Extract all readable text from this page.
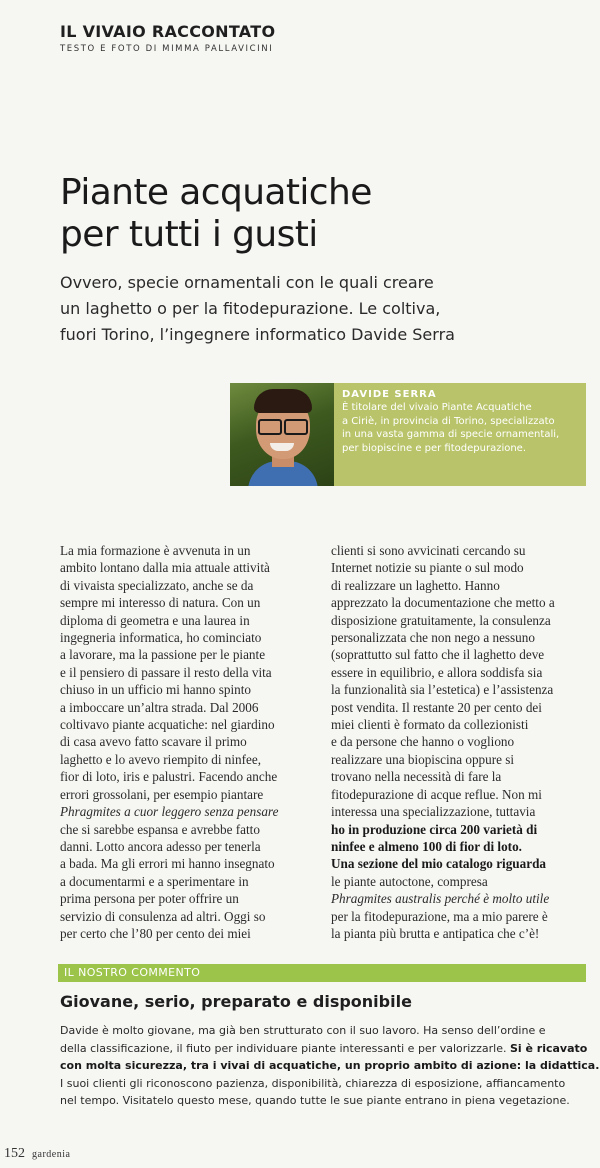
IL VIVAIO RACCONTATO
TESTO E FOTO DI MIMMA PALLAVICINI
Piante acquatiche
per tutti i gusti
Ovvero, specie ornamentali con le quali creare
un laghetto o per la fitodepurazione. Le coltiva,
fuori Torino, l’ingegnere informatico Davide Serra
DAVIDE SERRA
È titolare del vivaio Piante Acquatiche
a Ciriè, in provincia di Torino, specializzato
in una vasta gamma di specie ornamentali,
per biopiscine e per fitodepurazione.
La mia formazione è avvenuta in un
ambito lontano dalla mia attuale attività
di vivaista specializzato, anche se da
sempre mi interesso di natura. Con un
diploma di geometra e una laurea in
ingegneria informatica, ho cominciato
a lavorare, ma la passione per le piante
e il pensiero di passare il resto della vita
chiuso in un ufficio mi hanno spinto
a imboccare un’altra strada. Dal 2006
coltivavo piante acquatiche: nel giardino
di casa avevo fatto scavare il primo
laghetto e lo avevo riempito di ninfee,
fior di loto, iris e palustri. Facendo anche
errori grossolani, per esempio piantare
Phragmites a cuor leggero senza pensare
che si sarebbe espansa e avrebbe fatto
danni. Lotto ancora adesso per tenerla
a bada. Ma gli errori mi hanno insegnato
a documentarmi e a sperimentare in
prima persona per poter offrire un
servizio di consulenza ad altri. Oggi so
per certo che l’80 per cento dei miei
clienti si sono avvicinati cercando su
Internet notizie su piante o sul modo
di realizzare un laghetto. Hanno
apprezzato la documentazione che metto a
disposizione gratuitamente, la consulenza
personalizzata che non nego a nessuno
(soprattutto sul fatto che il laghetto deve
essere in equilibrio, e allora soddisfa sia
la funzionalità sia l’estetica) e l’assistenza
post vendita. Il restante 20 per cento dei
miei clienti è formato da collezionisti
e da persone che hanno o vogliono
realizzare una biopiscina oppure si
trovano nella necessità di fare la
fitodepurazione di acque reflue. Non mi
interessa una specializzazione, tuttavia
ho in produzione circa 200 varietà di
ninfee e almeno 100 di fior di loto.
Una sezione del mio catalogo riguarda
le piante autoctone, compresa
Phragmites australis perché è molto utile
per la fitodepurazione, ma a mio parere è
la pianta più brutta e antipatica che c’è!
IL NOSTRO COMMENTO
Giovane, serio, preparato e disponibile
Davide è molto giovane, ma già ben strutturato con il suo lavoro. Ha senso dell’ordine e
della classificazione, il fiuto per individuare piante interessanti e per valorizzarle. Si è ricavato
con molta sicurezza, tra i vivai di acquatiche, un proprio ambito di azione: la didattica.
I suoi clienti gli riconoscono pazienza, disponibilità, chiarezza di esposizione, affiancamento
nel tempo. Visitatelo questo mese, quando tutte le sue piante entrano in piena vegetazione.
152 gardenia
